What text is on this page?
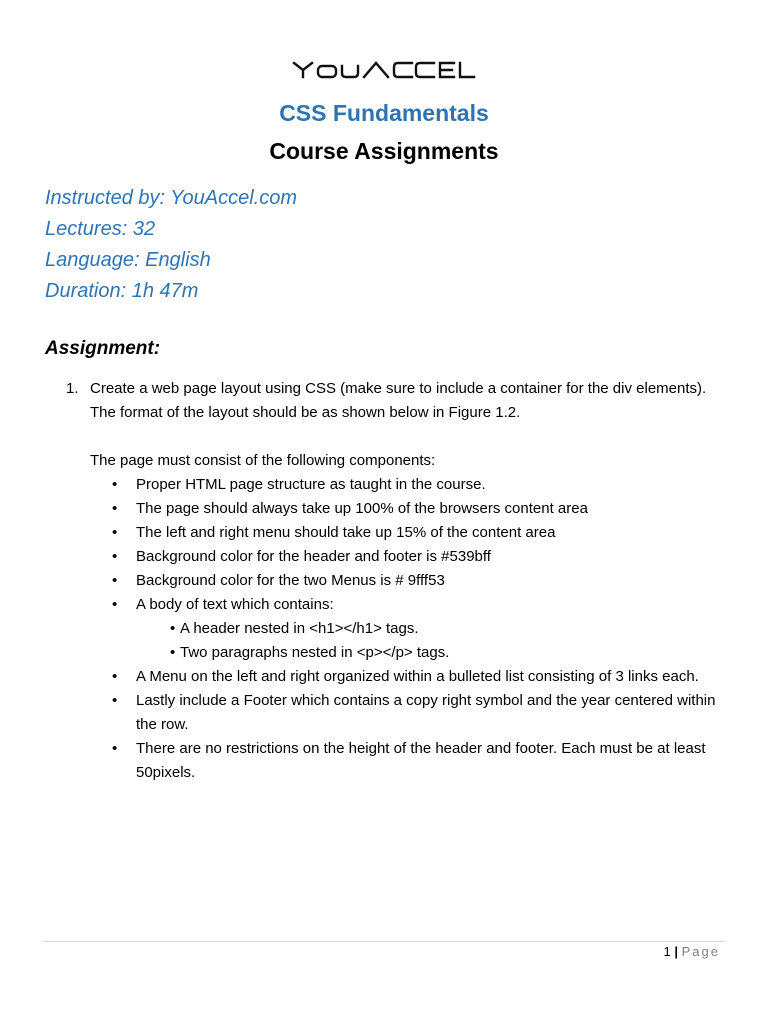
CSS Fundamentals
Course Assignments
Instructed by: YouAccel.com
Lectures: 32
Language: English
Duration: 1h 47m
Assignment:
1. Create a web page layout using CSS (make sure to include a container for the div elements). The format of the layout should be as shown below in Figure 1.2.
The page must consist of the following components:
• Proper HTML page structure as taught in the course.
• The page should always take up 100% of the browsers content area
• The left and right menu should take up 15% of the content area
• Background color for the header and footer is #539bff
• Background color for the two Menus is # 9fff53
• A body of text which contains:
• A header nested in <h1></h1> tags.
• Two paragraphs nested in <p></p> tags.
• A Menu on the left and right organized within a bulleted list consisting of 3 links each.
• Lastly include a Footer which contains a copy right symbol and the year centered within the row.
• There are no restrictions on the height of the header and footer. Each must be at least 50pixels.
1 | Page
